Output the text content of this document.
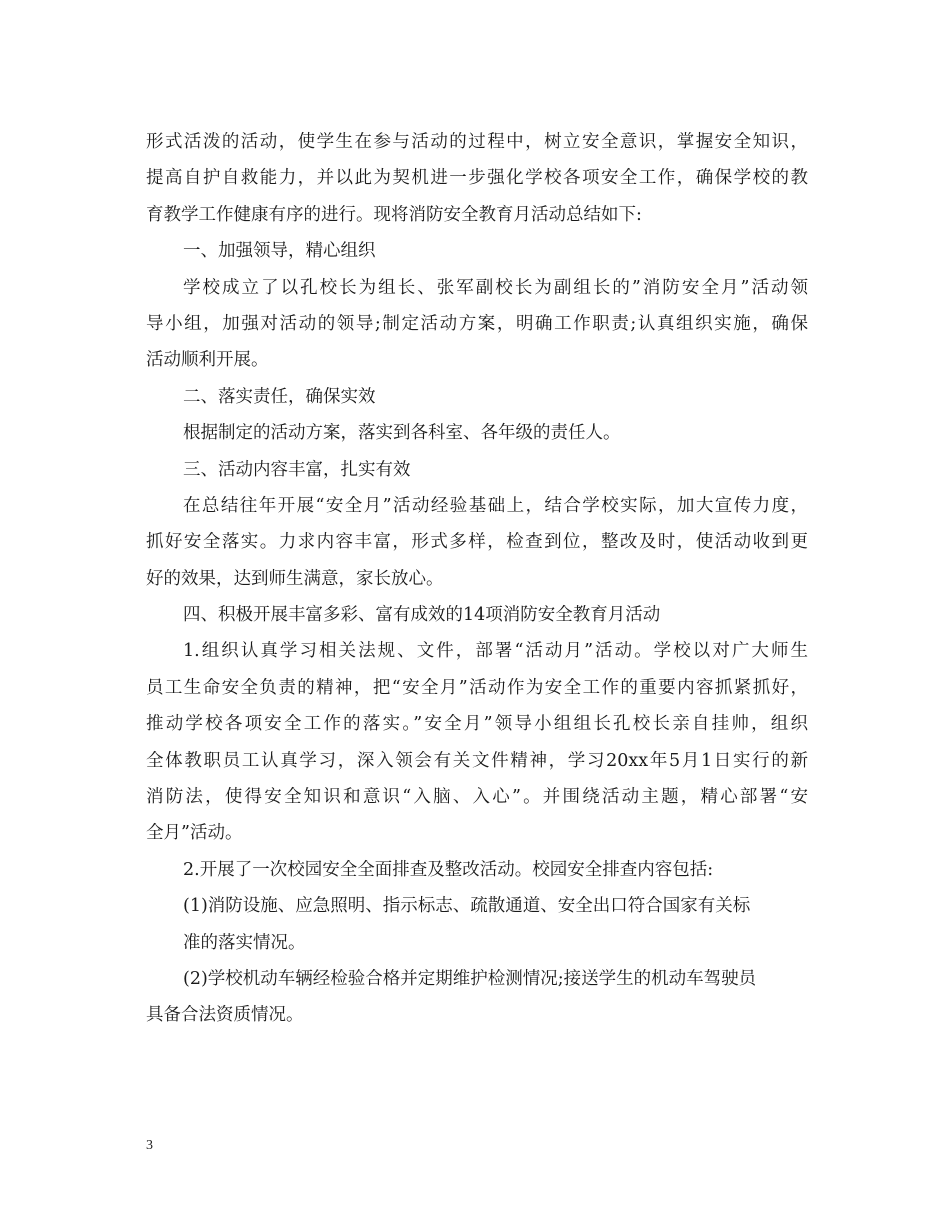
形式活泼的活动，使学生在参与活动的过程中，树立安全意识，掌握安全知识，
提高自护自救能力，并以此为契机进一步强化学校各项安全工作，确保学校的教
育教学工作健康有序的进行。现将消防安全教育月活动总结如下:
一、加强领导，精心组织
学校成立了以孔校长为组长、张军副校长为副组长的”消防安全月”活动领
导小组，加强对活动的领导;制定活动方案，明确工作职责;认真组织实施，确保
活动顺利开展。
二、落实责任，确保实效
根据制定的活动方案，落实到各科室、各年级的责任人。
三、活动内容丰富，扎实有效
在总结往年开展“安全月”活动经验基础上，结合学校实际，加大宣传力度，
抓好安全落实。力求内容丰富，形式多样，检查到位，整改及时，使活动收到更
好的效果，达到师生满意，家长放心。
四、积极开展丰富多彩、富有成效的14项消防安全教育月活动
1.组织认真学习相关法规、文件，部署“活动月”活动。学校以对广大师生
员工生命安全负责的精神，把“安全月”活动作为安全工作的重要内容抓紧抓好，
推动学校各项安全工作的落实。”安全月”领导小组组长孔校长亲自挂帅，组织
全体教职员工认真学习，深入领会有关文件精神，学习20xx年5月1日实行的新
消防法，使得安全知识和意识“入脑、入心”。并围绕活动主题，精心部署“安
全月”活动。
2.开展了一次校园安全全面排查及整改活动。校园安全排查内容包括:
(1)消防设施、应急照明、指示标志、疏散通道、安全出口符合国家有关标
准的落实情况。
(2)学校机动车辆经检验合格并定期维护检测情况;接送学生的机动车驾驶员
具备合法资质情况。
3
